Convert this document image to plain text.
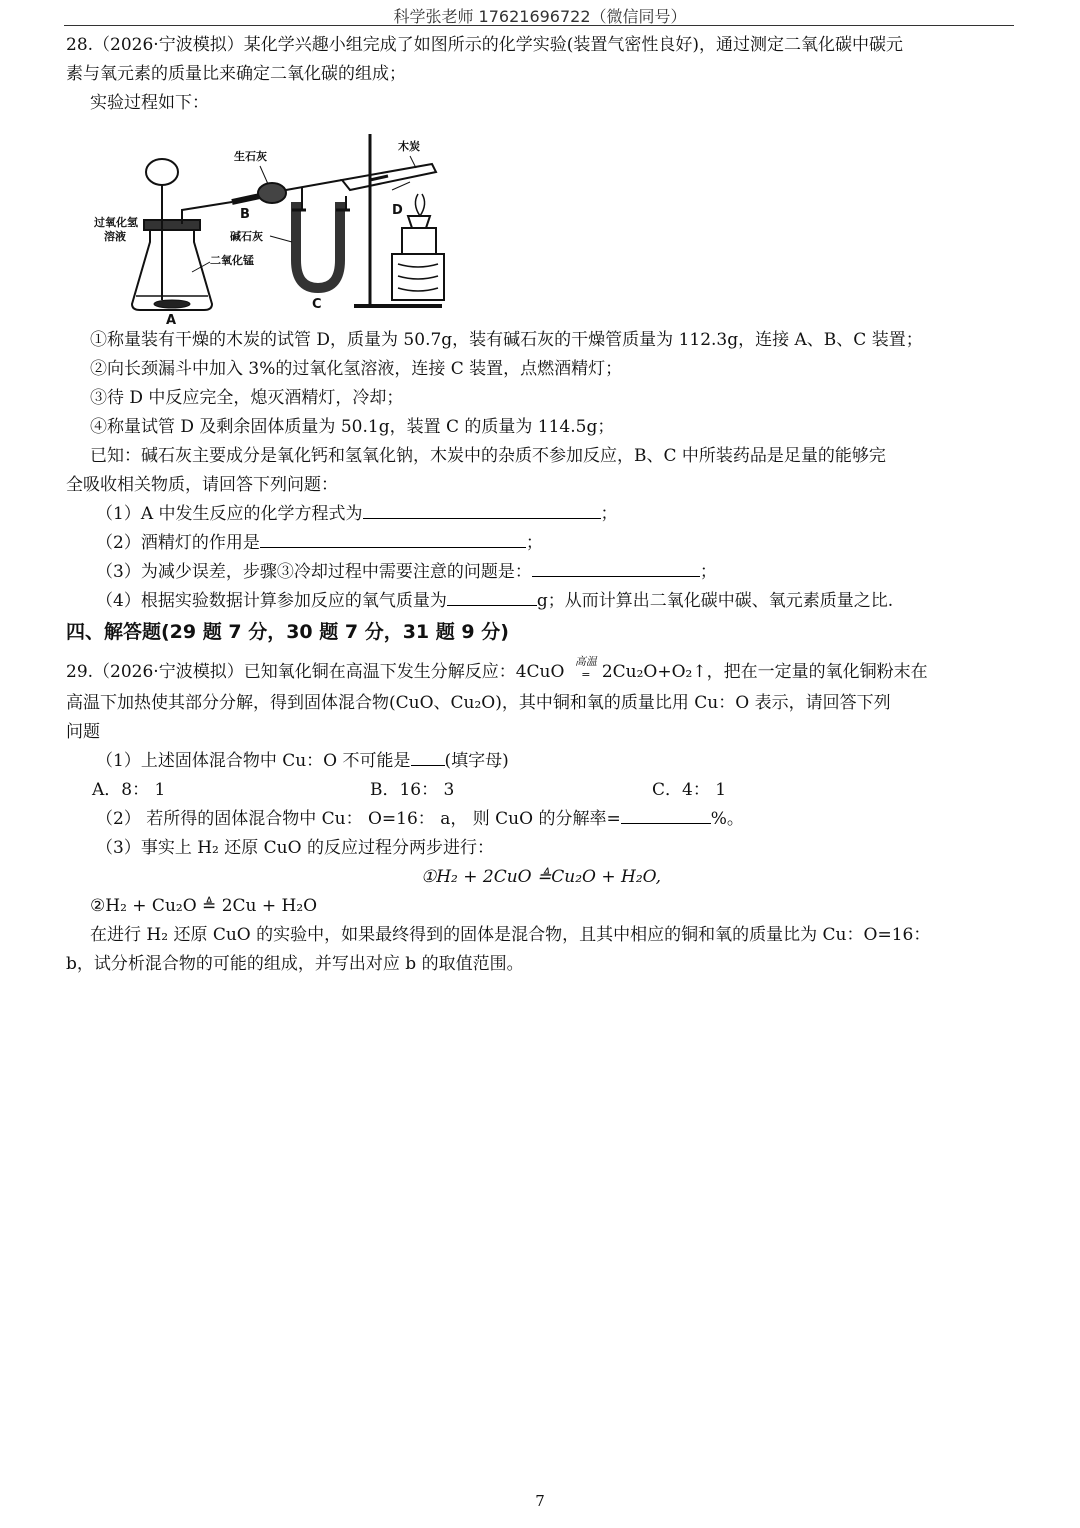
科学张老师 17621696722（微信同号）

28.（2026·宁波模拟）某化学兴趣小组完成了如图所示的化学实验(装置气密性良好)，通过测定二氧化碳中碳元

素与氧元素的质量比来确定二氧化碳的组成；

实验过程如下：

生石灰
木炭
过氧化氢
溶液
二氧化锰
碱石灰
A
B
C
D

①称量装有干燥的木炭的试管 D，质量为 50.7g，装有碱石灰的干燥管质量为 112.3g，连接 A、B、C 装置；

②向长颈漏斗中加入 3%的过氧化氢溶液，连接 C 装置，点燃酒精灯；

③待 D 中反应完全，熄灭酒精灯，冷却；

④称量试管 D 及剩余固体质量为 50.1g，装置 C 的质量为 114.5g；

已知：碱石灰主要成分是氧化钙和氢氧化钠，木炭中的杂质不参加反应，B、C 中所装药品是足量的能够完

全吸收相关物质，请回答下列问题：

（1）A 中发生反应的化学方程式为	；

（2）酒精灯的作用是	；

（3）为减少误差，步骤③冷却过程中需要注意的问题是：	；

（4）根据实验数据计算参加反应的氧气质量为	g；从而计算出二氧化碳中碳、氧元素质量之比.

四、解答题(29 题 7 分，30 题 7 分，31 题 9 分)

29.（2026·宁波模拟）已知氧化铜在高温下发生分解反应：4CuO 高温
= 2Cu₂O+O₂↑，把在一定量的氧化铜粉末在

高温下加热使其部分分解，得到固体混合物(CuO、Cu₂O)，其中铜和氧的质量比用 Cu：O 表示，请回答下列

问题

（1）上述固体混合物中 Cu：O 不可能是 (填字母)

A．8： 1	B．16： 3	C．4： 1

（2） 若所得的固体混合物中 Cu： O=16： a， 则 CuO 的分解率=	%。

（3）事实上 H₂ 还原 CuO 的反应过程分两步进行：

①H₂ + 2CuO ≜Cu₂O + H₂O,

②H₂ + Cu₂O ≜ 2Cu + H₂O

在进行 H₂ 还原 CuO 的实验中，如果最终得到的固体是混合物，且其中相应的铜和氧的质量比为 Cu：O=16：

b，试分析混合物的可能的组成，并写出对应 b 的取值范围。

7
